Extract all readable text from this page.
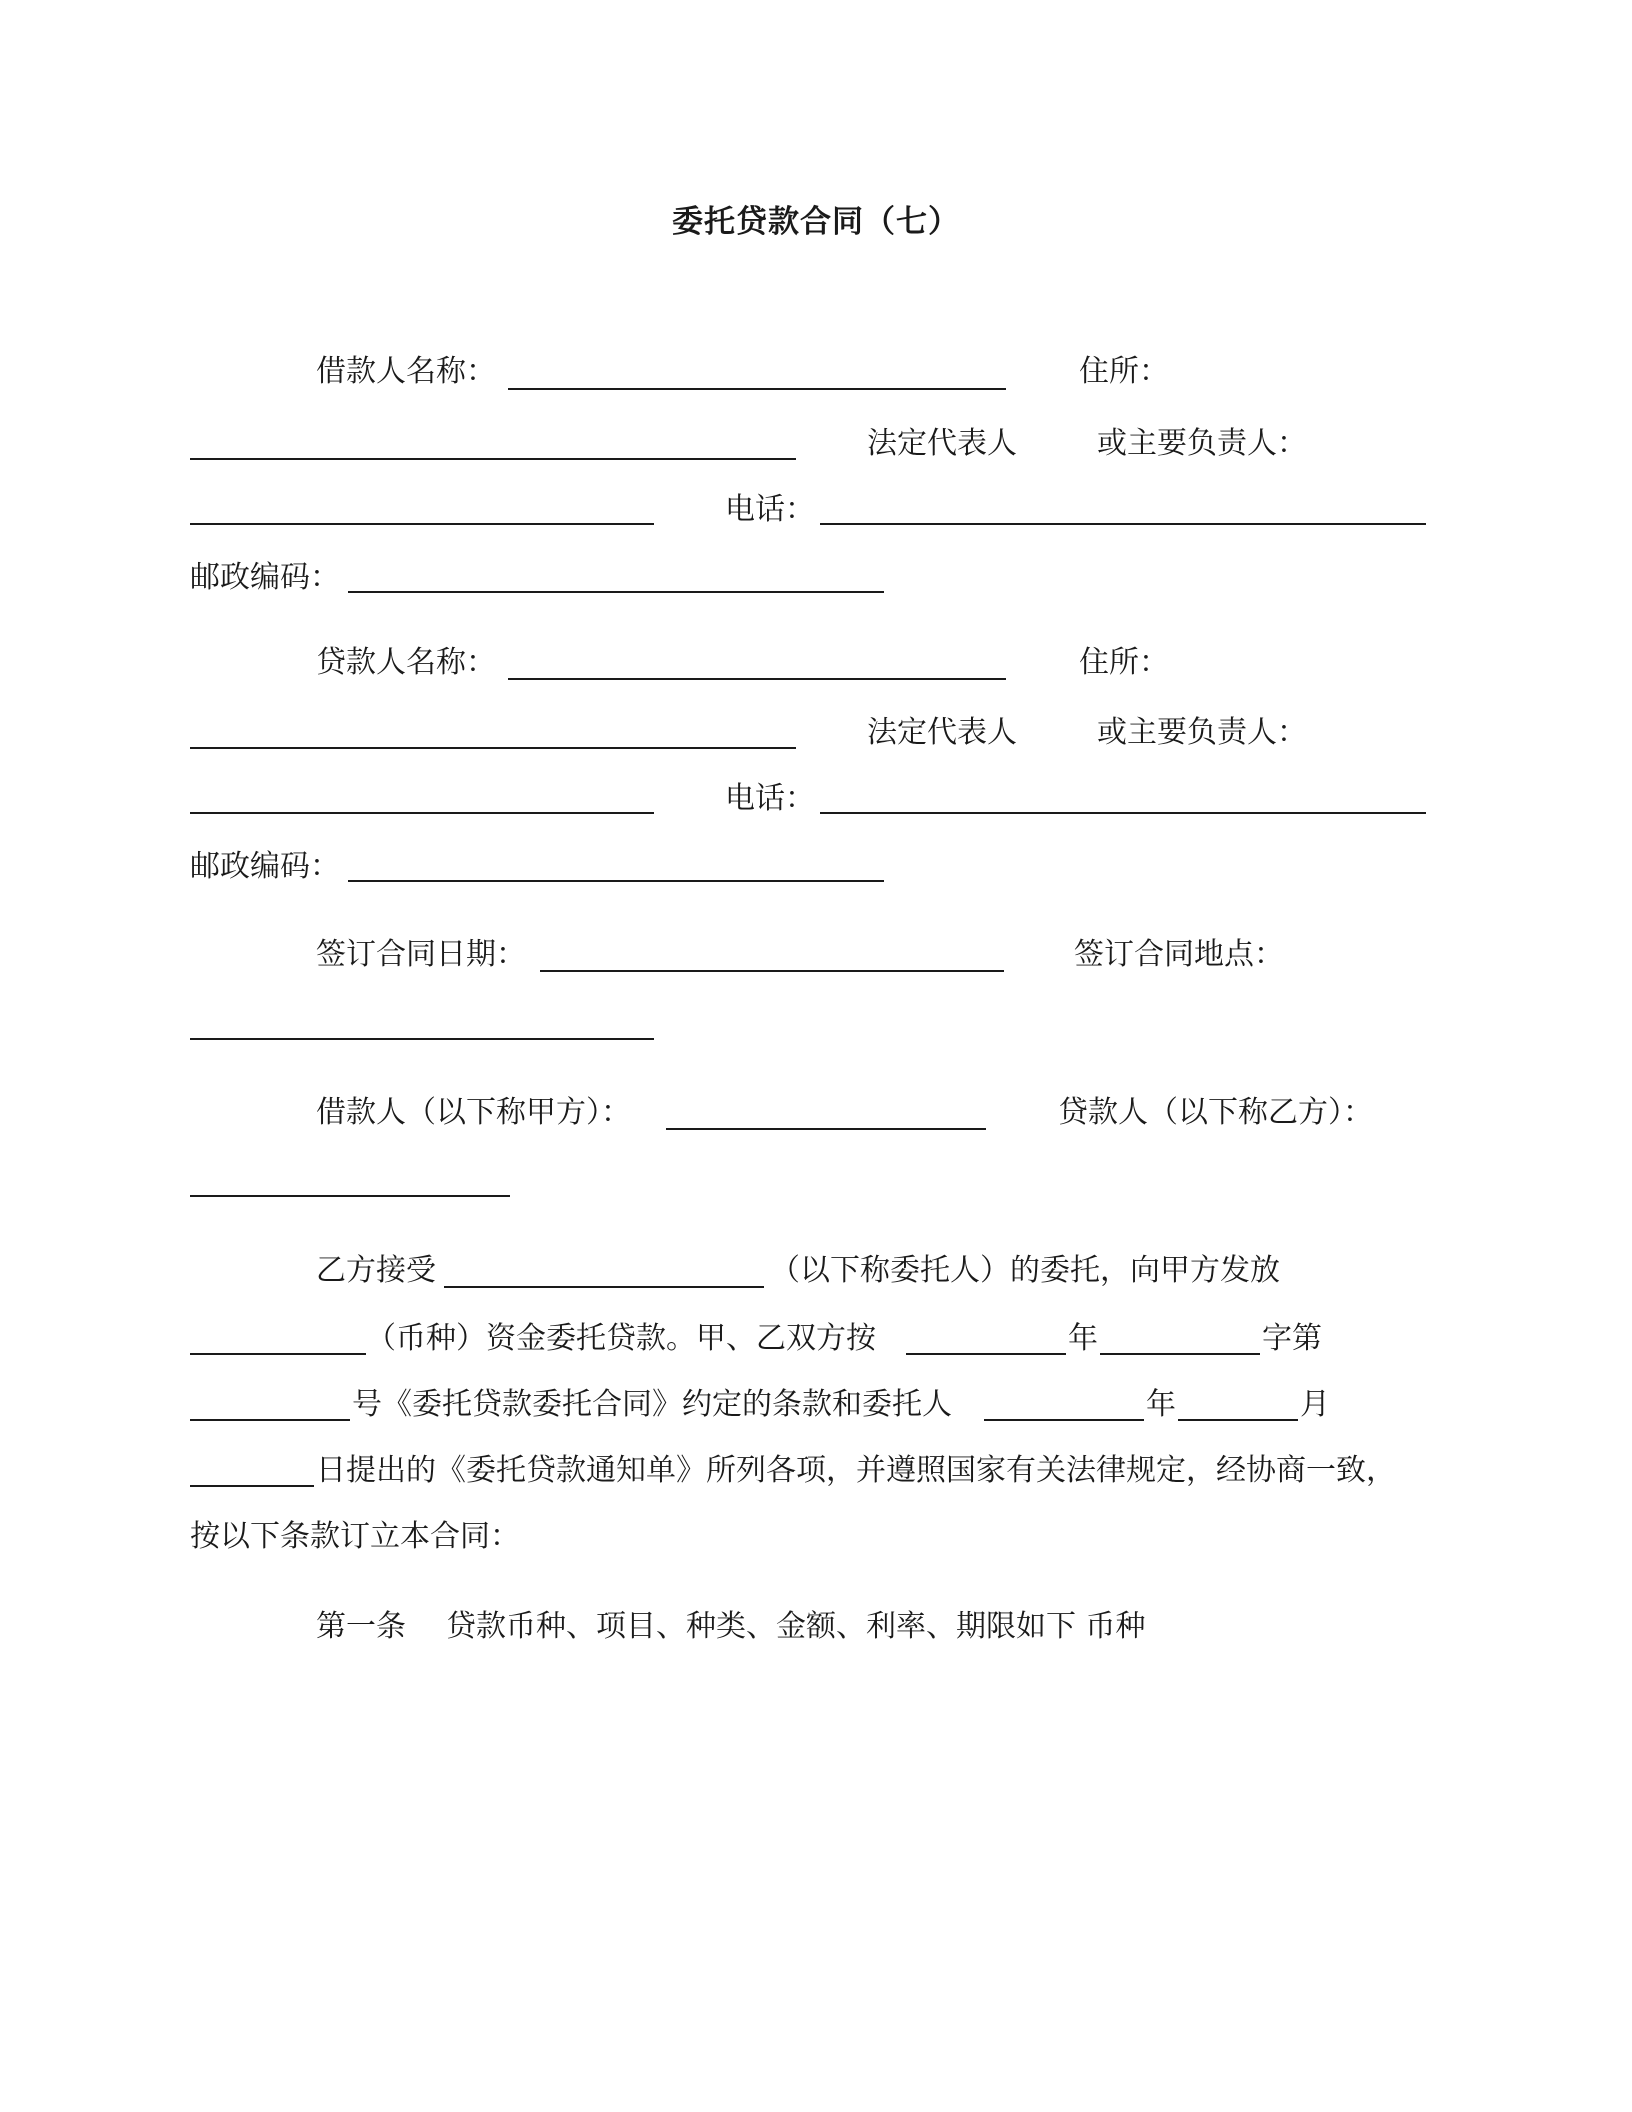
委托贷款合同（七）
借款人名称：	住所：
法定代表人	或主要负责人：
电话：
邮政编码：
贷款人名称：	住所：
法定代表人	或主要负责人：
电话：
邮政编码：
签订合同日期：	签订合同地点：
借款人（以下称甲方）：	贷款人（以下称乙方）：
乙方接受	（以下称委托人）的委托，向甲方发放
（币种）资金委托贷款。甲、乙双方按	年	字第
号《委托贷款委托合同》约定的条款和委托人	年	月
日提出的《委托贷款通知单》所列各项，并遵照国家有关法律规定，经协商一致，
按以下条款订立本合同：
第一条 贷款币种、项目、种类、金额、利率、期限如下 币种
